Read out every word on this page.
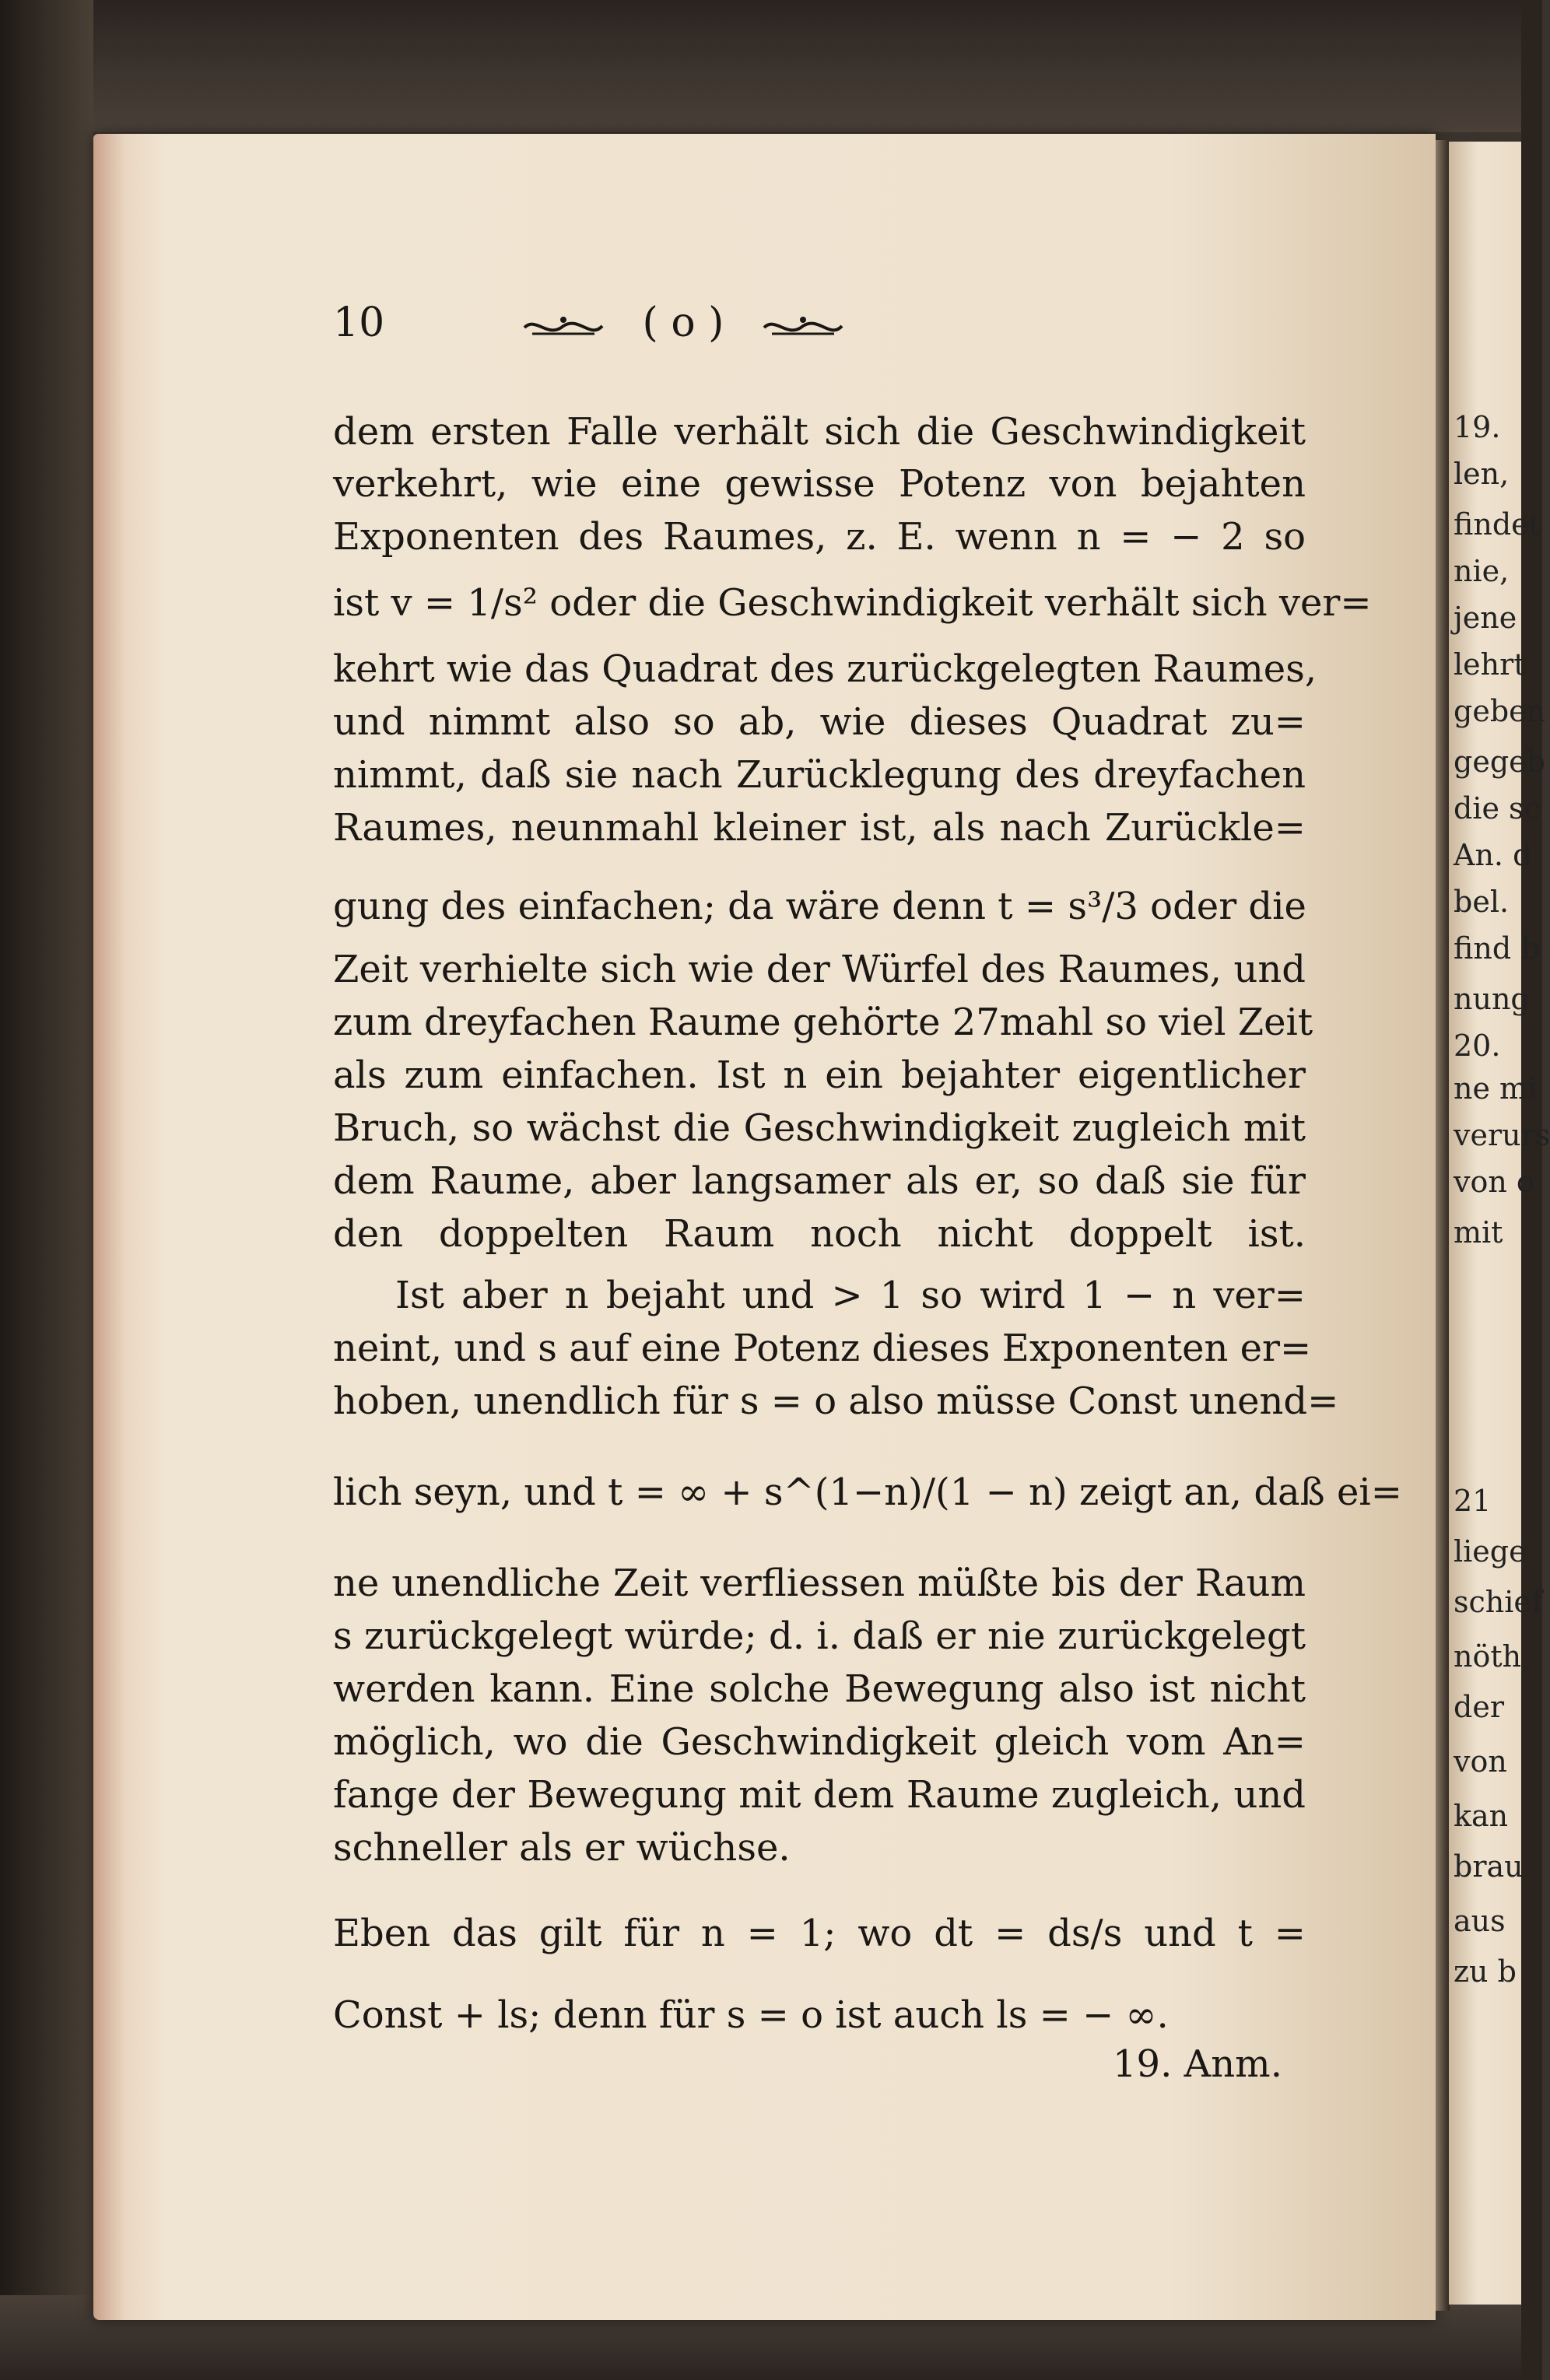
19.
len,
findet
nie,
jene
lehrt
geben
gegeb
die sc
An. d
bel.
find b
nung
20.
ne mi
verurs
von o
mit
21
liege
schief
nöth
der
von
kan
brau
aus
zu b
10	( o )
dem ersten Falle verhält sich die Geschwindigkeit
verkehrt, wie eine gewisse Potenz von bejahten
Exponenten des Raumes, z. E. wenn n = − 2 so
ist v = 1/s² oder die Geschwindigkeit verhält sich ver=
kehrt wie das Quadrat des zurückgelegten Raumes,
und nimmt also so ab, wie dieses Quadrat zu=
nimmt, daß sie nach Zurücklegung des dreyfachen
Raumes, neunmahl kleiner ist, als nach Zurückle=
gung des einfachen; da wäre denn t = s³/3 oder die
Zeit verhielte sich wie der Würfel des Raumes, und
zum dreyfachen Raume gehörte 27mahl so viel Zeit
als zum einfachen. Ist n ein bejahter eigentlicher
Bruch, so wächst die Geschwindigkeit zugleich mit
dem Raume, aber langsamer als er, so daß sie für
den doppelten Raum noch nicht doppelt ist.
Ist aber n bejaht und > 1 so wird 1 − n ver=
neint, und s auf eine Potenz dieses Exponenten er=
hoben, unendlich für s = o also müsse Const unend=
lich seyn, und t = ∞ + s^(1−n)/(1 − n) zeigt an, daß ei=
ne unendliche Zeit verfliessen müßte bis der Raum
s zurückgelegt würde; d. i. daß er nie zurückgelegt
werden kann. Eine solche Bewegung also ist nicht
möglich, wo die Geschwindigkeit gleich vom An=
fange der Bewegung mit dem Raume zugleich, und
schneller als er wüchse.
Eben das gilt für n = 1; wo dt = ds/s und t =
Const + ls; denn für s = o ist auch ls = − ∞.
19. Anm.
